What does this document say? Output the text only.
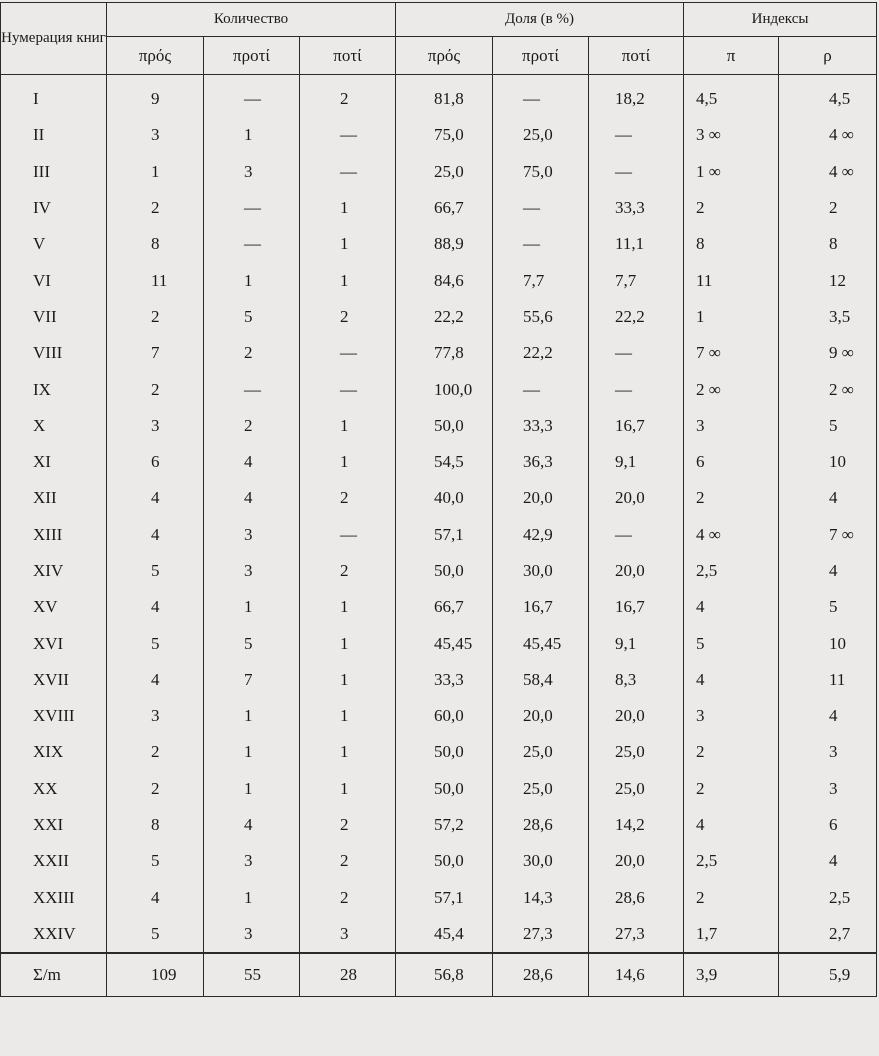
Нумерация книг	Количество			Доля (в %)			Индексы	
	πρός	προτί	ποτί	πρός	προτί	ποτί	π	ρ
I	9	—	2	81,8	—	18,2	4,5	4,5
II	3	1	—	75,0	25,0	—	3 ∞	4 ∞
III	1	3	—	25,0	75,0	—	1 ∞	4 ∞
IV	2	—	1	66,7	—	33,3	2	2
V	8	—	1	88,9	—	11,1	8	8
VI	11	1	1	84,6	7,7	7,7	11	12
VII	2	5	2	22,2	55,6	22,2	1	3,5
VIII	7	2	—	77,8	22,2	—	7 ∞	9 ∞
IX	2	—	—	100,0	—	—	2 ∞	2 ∞
X	3	2	1	50,0	33,3	16,7	3	5
XI	6	4	1	54,5	36,3	9,1	6	10
XII	4	4	2	40,0	20,0	20,0	2	4
XIII	4	3	—	57,1	42,9	—	4 ∞	7 ∞
XIV	5	3	2	50,0	30,0	20,0	2,5	4
XV	4	1	1	66,7	16,7	16,7	4	5
XVI	5	5	1	45,45	45,45	9,1	5	10
XVII	4	7	1	33,3	58,4	8,3	4	11
XVIII	3	1	1	60,0	20,0	20,0	3	4
XIX	2	1	1	50,0	25,0	25,0	2	3
XX	2	1	1	50,0	25,0	25,0	2	3
XXI	8	4	2	57,2	28,6	14,2	4	6
XXII	5	3	2	50,0	30,0	20,0	2,5	4
XXIII	4	1	2	57,1	14,3	28,6	2	2,5
XXIV	5	3	3	45,4	27,3	27,3	1,7	2,7
Σ/m	109	55	28	56,8	28,6	14,6	3,9	5,9
